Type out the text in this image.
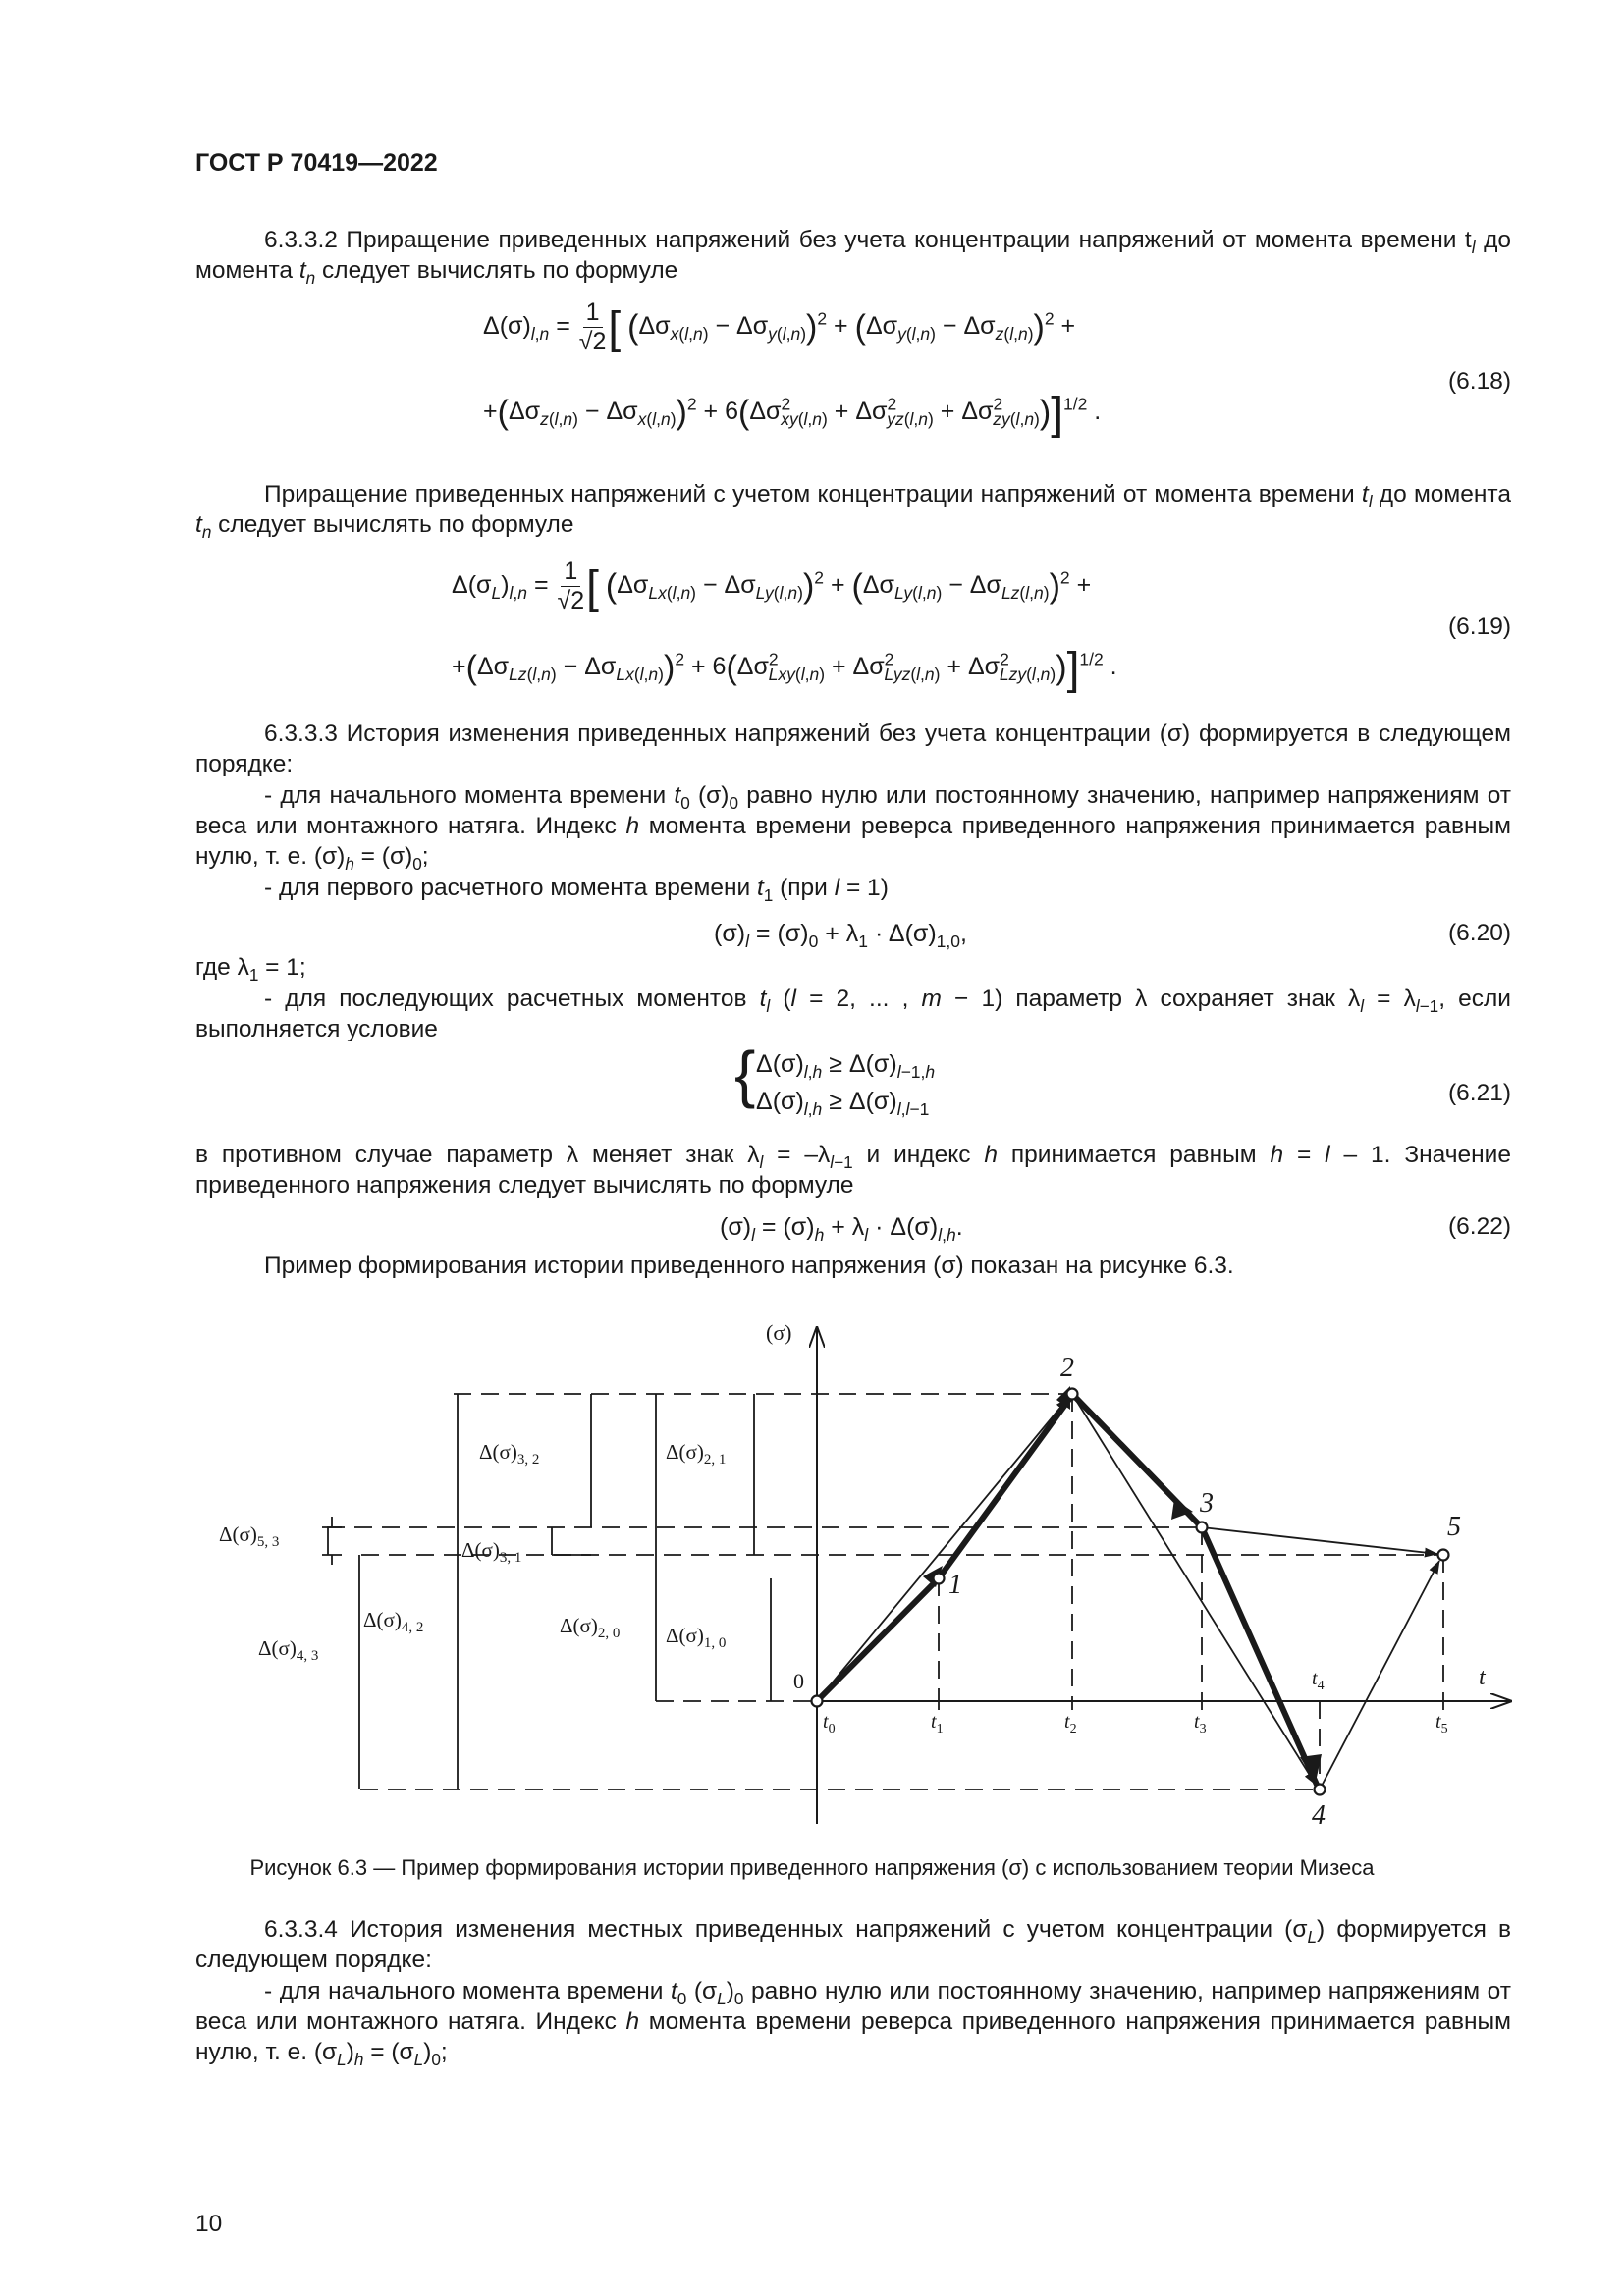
ГОСТ Р 70419—2022

6.3.3.2 Приращение приведенных напряжений без учета концентрации напряжений от момента времени $t_l$ до момента $t_n$ следует вычислять по формуле

$\Delta(\sigma)_{l,n} = \frac{1}{√2}$ [ $(\Delta\sigma_{x(l,n)} - \Delta\sigma_{y(l,n)})^2 + (\Delta\sigma_{y(l,n)} - \Delta\sigma_{z(l,n)})^2$ +
$+(\Delta\sigma_{z(l,n)} - \Delta\sigma_{x(l,n)})^2 + 6(\Delta\sigma^2_{xy(l,n)} + \Delta\sigma^2_{yz(l,n)} + \Delta\sigma^2_{zy(l,n)})]^{1/2}$ .
(6.18)

Приращение приведенных напряжений с учетом концентрации напряжений от момента времени $t_l$ до момента $t_n$ следует вычислять по формуле

$\Delta(\sigma_L)_{l,n} = \frac{1}{√2}$ [ $(\Delta\sigma_{Lx(l,n)} - \Delta\sigma_{Ly(l,n)})^2 + (\Delta\sigma_{Ly(l,n)} - \Delta\sigma_{Lz(l,n)})^2$ +
$+(\Delta\sigma_{Lz(l,n)} - \Delta\sigma_{Lx(l,n)})^2 + 6(\Delta\sigma^2_{Lxy(l,n)} + \Delta\sigma^2_{Lyz(l,n)} + \Delta\sigma^2_{Lzy(l,n)})]^{1/2}$ .
(6.19)

6.3.3.3 История изменения приведенных напряжений без учета концентрации (σ) формируется в следующем порядке:

- для начального момента времени $t_0$ $(\sigma)_0$ равно нулю или постоянному значению, например напряжениям от веса или монтажного натяга. Индекс h момента времени реверса приведенного напряжения принимается равным нулю, т. е. $(\sigma)_h = (\sigma)_0$;

- для первого расчетного момента времени $t_1$ (при l = 1)

$(\sigma)_l = (\sigma)_0 + \lambda_1 \cdot \Delta(\sigma)_{1,0}$,	(6.20)

где $\lambda_1 = 1$;

- для последующих расчетных моментов $t_l$ (l = 2, ... , m − 1) параметр λ сохраняет знак $\lambda_l = \lambda_{l-1}$, если выполняется условие

{ $\Delta(\sigma)_{l,h} \ge \Delta(\sigma)_{l-1,h}$
$\Delta(\sigma)_{l,h} \ge \Delta(\sigma)_{l,l-1}$
(6.21)

в противном случае параметр λ меняет знак $\lambda_l = -\lambda_{l-1}$ и индекс h принимается равным h = l – 1. Значение приведенного напряжения следует вычислять по формуле

$(\sigma)_l = (\sigma)_h + \lambda_l \cdot \Delta(\sigma)_{l,h}$.	(6.22)

Пример формирования истории приведенного напряжения (σ) показан на рисунке 6.3.

(σ)
t
0
1
2
3
4
5
$t_0$	$t_1$	$t_2$	$t_3$
$t_4$
$t_5$
$\Delta(\sigma)_{3, 2}$	$\Delta(\sigma)_{2, 1}$
$\Delta(\sigma)_{5, 3}$	$\Delta(\sigma)_{3, 1}$
$\Delta(\sigma)_{4, 2}$	$\Delta(\sigma)_{2, 0}$ $\Delta(\sigma)_{1, 0}$
$\Delta(\sigma)_{4, 3}$
Рисунок 6.3 — Пример формирования истории приведенного напряжения (σ) с использованием теории Мизеса

6.3.3.4 История изменения местных приведенных напряжений с учетом концентрации $(\sigma_L)$ формируется в следующем порядке:

- для начального момента времени $t_0$ $(\sigma_L)_0$ равно нулю или постоянному значению, например напряжениям от веса или монтажного натяга. Индекс h момента времени реверса приведенного напряжения принимается равным нулю, т. е. $(\sigma_L)_h = (\sigma_L)_0$;

10
